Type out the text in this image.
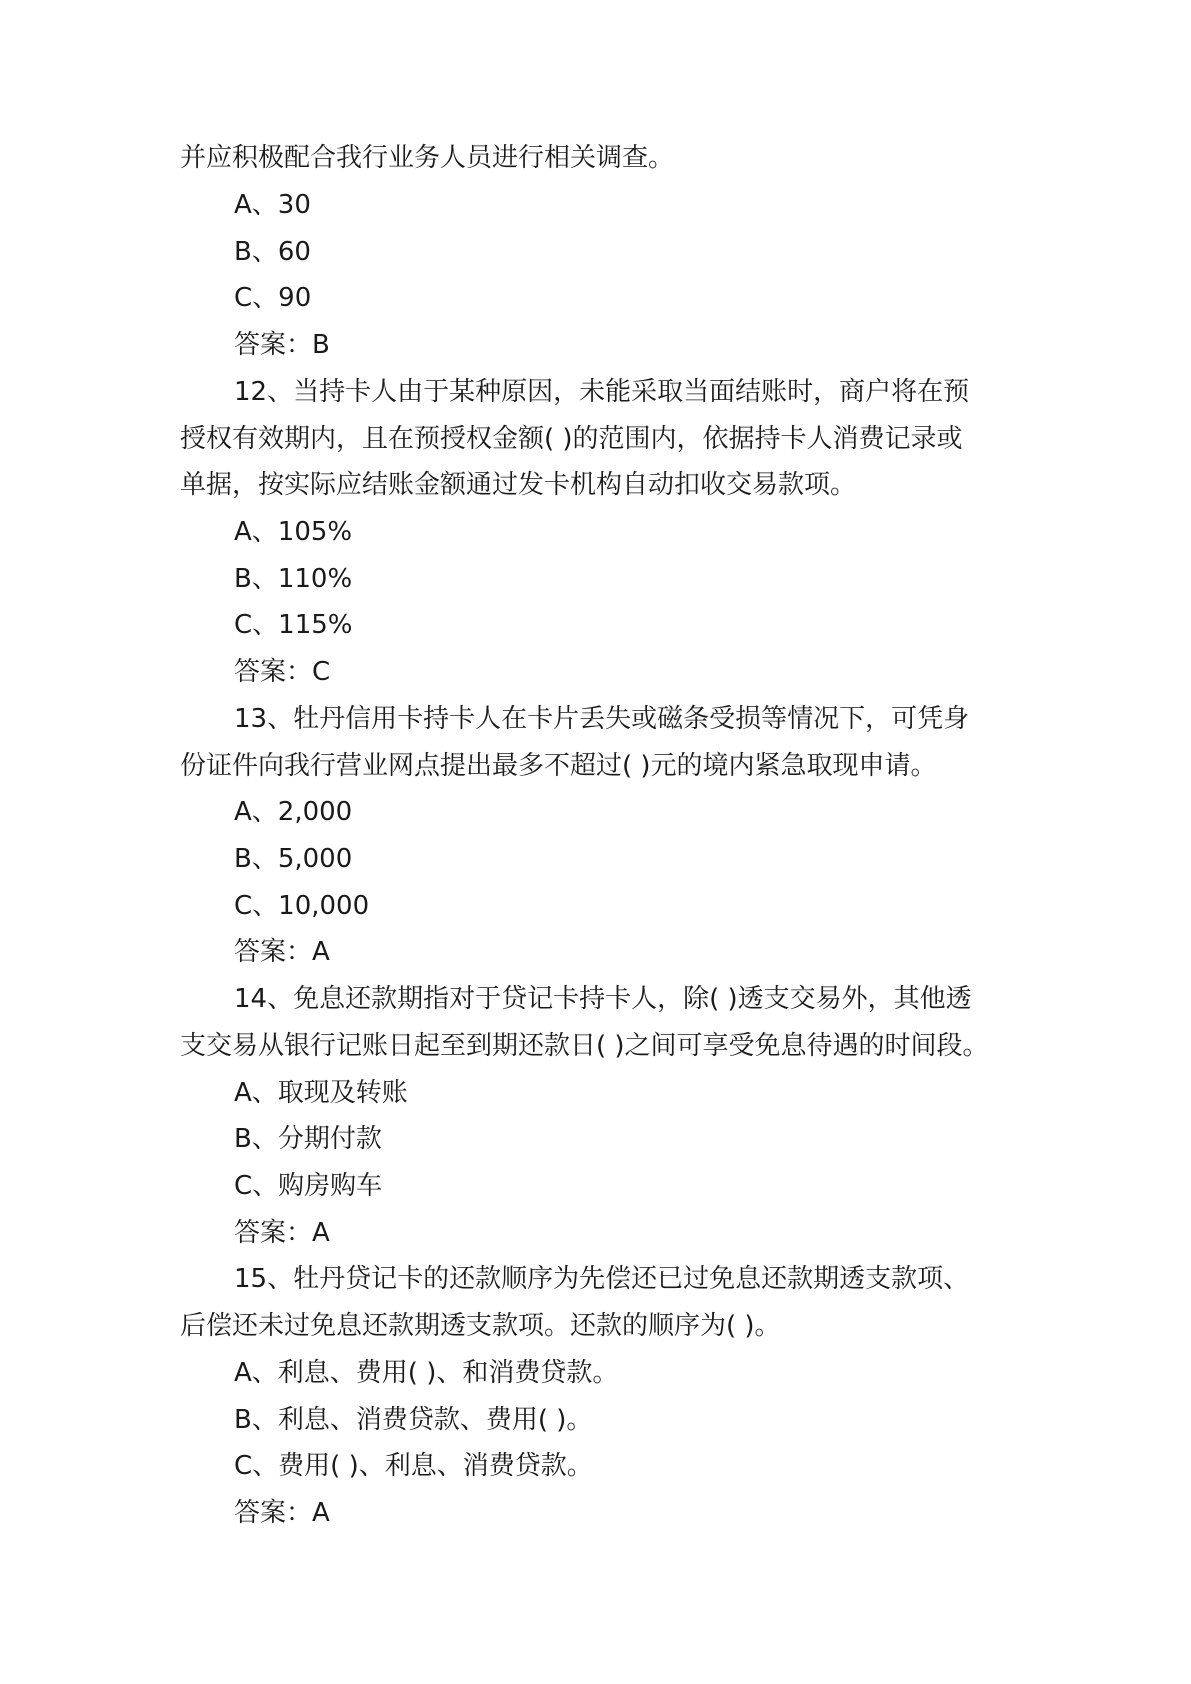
并应积极配合我行业务人员进行相关调查。
A、30
B、60
C、90
答案：B
12、当持卡人由于某种原因，未能采取当面结账时，商户将在预
授权有效期内，且在预授权金额( )的范围内，依据持卡人消费记录或
单据，按实际应结账金额通过发卡机构自动扣收交易款项。
A、105%
B、110%
C、115%
答案：C
13、牡丹信用卡持卡人在卡片丢失或磁条受损等情况下，可凭身
份证件向我行营业网点提出最多不超过( )元的境内紧急取现申请。
A、2,000
B、5,000
C、10,000
答案：A
14、免息还款期指对于贷记卡持卡人，除( )透支交易外，其他透
支交易从银行记账日起至到期还款日( )之间可享受免息待遇的时间段。
A、取现及转账
B、分期付款
C、购房购车
答案：A
15、牡丹贷记卡的还款顺序为先偿还已过免息还款期透支款项、
后偿还未过免息还款期透支款项。还款的顺序为( )。
A、利息、费用( )、和消费贷款。
B、利息、消费贷款、费用( )。
C、费用( )、利息、消费贷款。
答案：A
